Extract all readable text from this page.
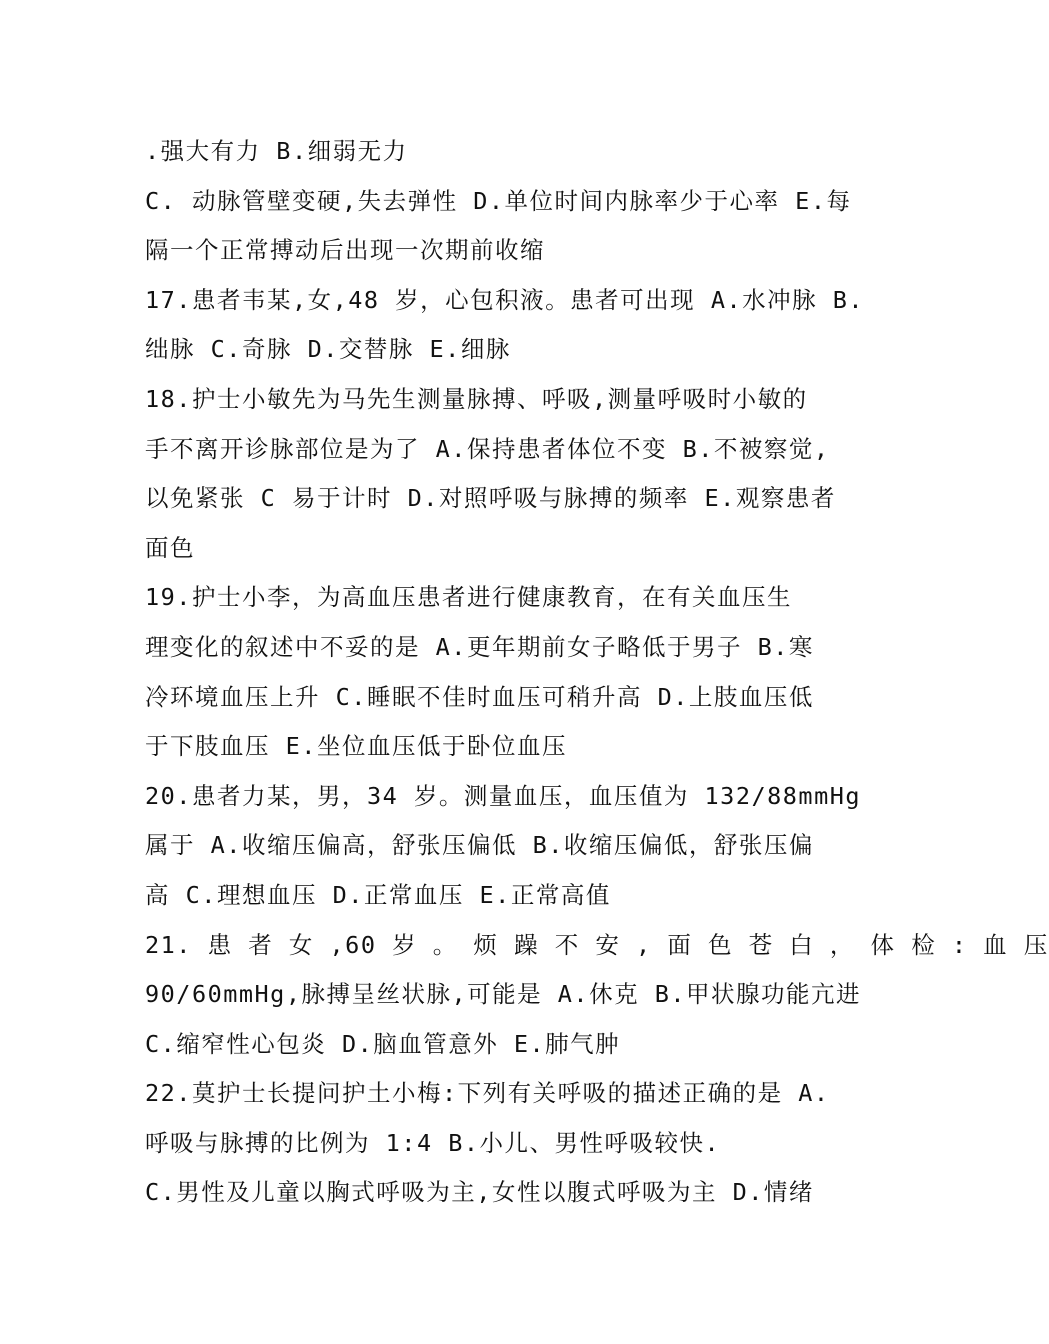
.强大有力 B.细弱无力
C. 动脉管壁变硬,失去弹性 D.单位时间内脉率少于心率 E.每
隔一个正常搏动后出现一次期前收缩
17.患者韦某,女,48 岁，心包积液。患者可出现 A.水冲脉 B.
绌脉 C.奇脉 D.交替脉 E.细脉
18.护士小敏先为马先生测量脉搏、呼吸,测量呼吸时小敏的
手不离开诊脉部位是为了 A.保持患者体位不变 B.不被察觉,
以免紧张 C 易于计时 D.对照呼吸与脉搏的频率 E.观察患者
面色
19.护士小李，为高血压患者进行健康教育，在有关血压生
理变化的叙述中不妥的是 A.更年期前女子略低于男子 B.寒
冷环境血压上升 C.睡眠不佳时血压可稍升高 D.上肢血压低
于下肢血压 E.坐位血压低于卧位血压
20.患者力某，男，34 岁。测量血压，血压值为 132/88mmHg
属于 A.收缩压偏高，舒张压偏低 B.收缩压偏低，舒张压偏
高 C.理想血压 D.正常血压 E.正常高值
21. 患 者 女 ,60 岁 。 烦 躁 不 安 , 面 色 苍 白 ， 体 检 : 血 压
90/60mmHg,脉搏呈丝状脉,可能是 A.休克 B.甲状腺功能亢进
C.缩窄性心包炎 D.脑血管意外 E.肺气肿
22.莫护士长提问护土小梅:下列有关呼吸的描述正确的是 A.
呼吸与脉搏的比例为 1:4 B.小儿、男性呼吸较快.
C.男性及儿童以胸式呼吸为主,女性以腹式呼吸为主 D.情绪
